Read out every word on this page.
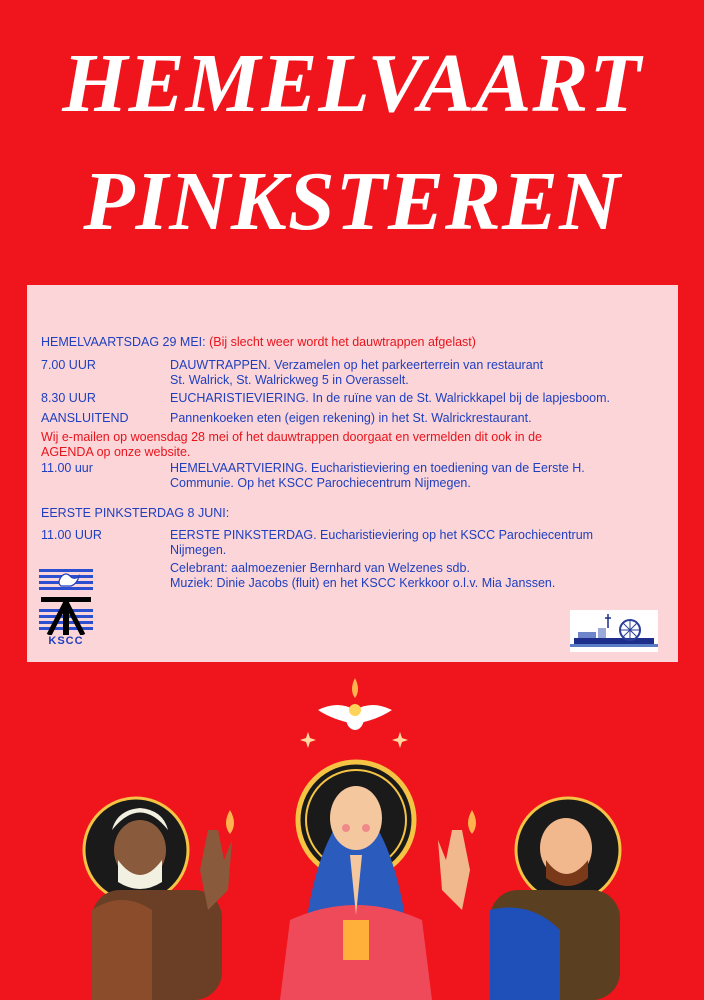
HEMELVAART
PINKSTEREN
HEMELVAARTSDAG 29 MEI: (Bij slecht weer wordt het dauwtrappen afgelast)
7.00 UUR	DAUWTRAPPEN. Verzamelen op het parkeerterrein van restaurant
St. Walrick, St. Walrickweg 5 in Overasselt.
8.30 UUR	EUCHARISTIEVIERING. In de ruïne van de St. Walrickkapel bij de lapjesboom.
AANSLUITEND	Pannenkoeken eten (eigen rekening) in het St. Walrickrestaurant.
Wij e-mailen op woensdag 28 mei of het dauwtrappen doorgaat en vermelden dit ook in de
AGENDA op onze website.
11.00 uur	HEMELVAARTVIERING. Eucharistieviering en toediening van de Eerste H.
Communie. Op het KSCC Parochiecentrum Nijmegen.
EERSTE PINKSTERDAG 8 JUNI:
11.00 UUR	EERSTE PINKSTERDAG. Eucharistieviering op het KSCC Parochiecentrum
Nijmegen.
Celebrant: aalmoezenier Bernhard van Welzenes sdb.
Muziek: Dinie Jacobs (fluit) en het KSCC Kerkkoor o.l.v. Mia Janssen.
KSCC
